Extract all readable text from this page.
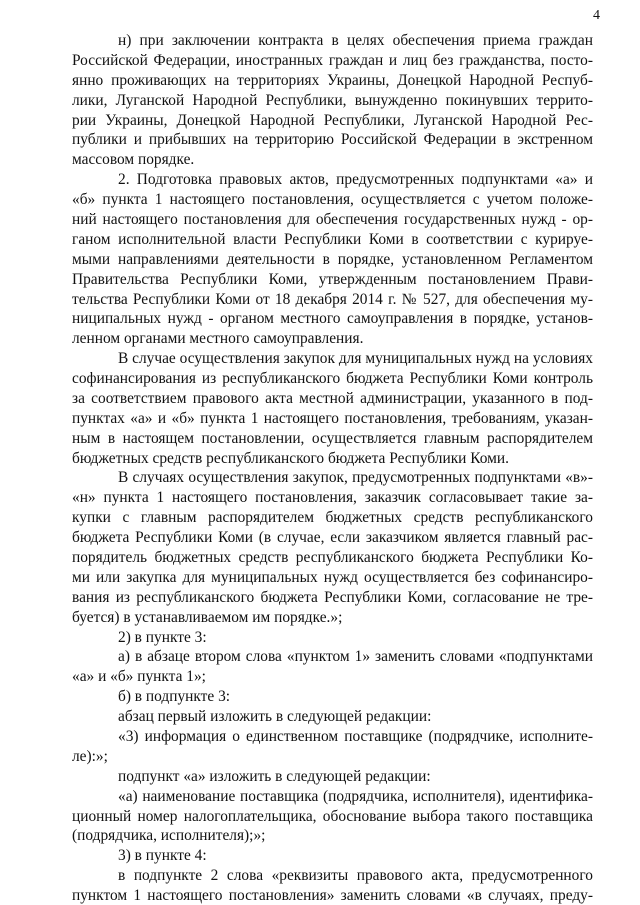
4
н) при заключении контракта в целях обеспечения приема граждан
Российской Федерации, иностранных граждан и лиц без гражданства, посто-
янно проживающих на территориях Украины, Донецкой Народной Респуб-
лики, Луганской Народной Республики, вынужденно покинувших террито-
рии Украины, Донецкой Народной Республики, Луганской Народной Рес-
публики и прибывших на территорию Российской Федерации в экстренном
массовом порядке.
2. Подготовка правовых актов, предусмотренных подпунктами «а» и
«б» пункта 1 настоящего постановления, осуществляется с учетом положе-
ний настоящего постановления для обеспечения государственных нужд - ор-
ганом исполнительной власти Республики Коми в соответствии с курируе-
мыми направлениями деятельности в порядке, установленном Регламентом
Правительства Республики Коми, утвержденным постановлением Прави-
тельства Республики Коми от 18 декабря 2014 г. № 527, для обеспечения му-
ниципальных нужд - органом местного самоуправления в порядке, установ-
ленном органами местного самоуправления.
В случае осуществления закупок для муниципальных нужд на условиях
софинансирования из республиканского бюджета Республики Коми контроль
за соответствием правового акта местной администрации, указанного в под-
пунктах «а» и «б» пункта 1 настоящего постановления, требованиям, указан-
ным в настоящем постановлении, осуществляется главным распорядителем
бюджетных средств республиканского бюджета Республики Коми.
В случаях осуществления закупок, предусмотренных подпунктами «в»-
«н» пункта 1 настоящего постановления, заказчик согласовывает такие за-
купки с главным распорядителем бюджетных средств республиканского
бюджета Республики Коми (в случае, если заказчиком является главный рас-
порядитель бюджетных средств республиканского бюджета Республики Ко-
ми или закупка для муниципальных нужд осуществляется без софинансиро-
вания из республиканского бюджета Республики Коми, согласование не тре-
буется) в устанавливаемом им порядке.»;
2) в пункте 3:
а) в абзаце втором слова «пунктом 1» заменить словами «подпунктами
«а» и «б» пункта 1»;
б) в подпункте 3:
абзац первый изложить в следующей редакции:
«3) информация о единственном поставщике (подрядчике, исполните-
ле):»;
подпункт «а» изложить в следующей редакции:
«а) наименование поставщика (подрядчика, исполнителя), идентифика-
ционный номер налогоплательщика, обоснование выбора такого поставщика
(подрядчика, исполнителя);»;
3) в пункте 4:
в подпункте 2 слова «реквизиты правового акта, предусмотренного
пунктом 1 настоящего постановления» заменить словами «в случаях, преду-
